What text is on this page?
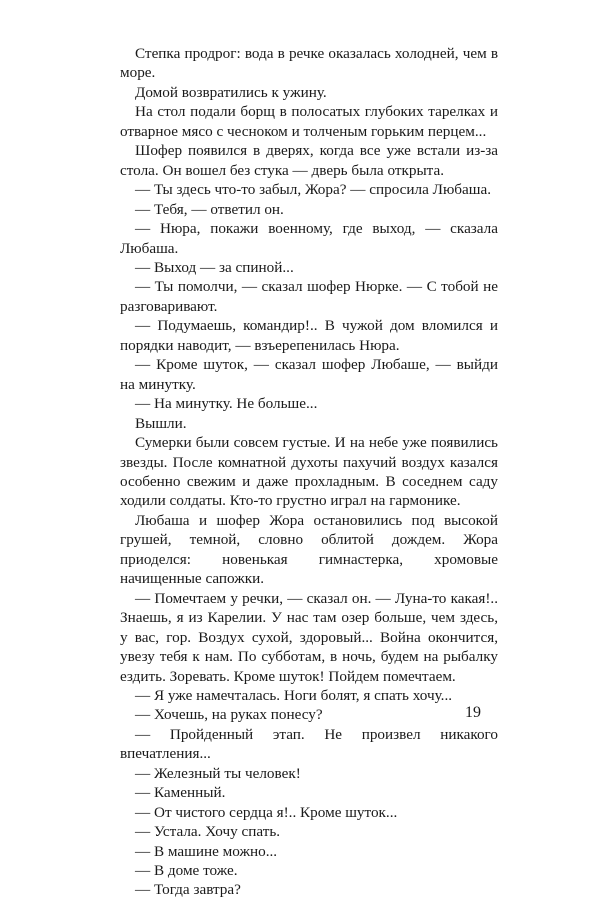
Степка продрог: вода в речке оказалась холодней, чем в море.

Домой возвратились к ужину.

На стол подали борщ в полосатых глубоких тарелках и отварное мясо с чесноком и толченым горьким перцем...

Шофер появился в дверях, когда все уже встали из-за стола. Он вошел без стука — дверь была открыта.

— Ты здесь что-то забыл, Жора? — спросила Любаша.

— Тебя, — ответил он.

— Нюра, покажи военному, где выход, — сказала Любаша.

— Выход — за спиной...

— Ты помолчи, — сказал шофер Нюрке. — С тобой не разговаривают.

— Подумаешь, командир!.. В чужой дом вломился и порядки наводит, — взъерепенилась Нюра.

— Кроме шуток, — сказал шофер Любаше, — выйди на минутку.

— На минутку. Не больше...

Вышли.

Сумерки были совсем густые. И на небе уже появились звезды. После комнатной духоты пахучий воздух казался особенно свежим и даже прохладным. В соседнем саду ходили солдаты. Кто-то грустно играл на гармонике.

Любаша и шофер Жора остановились под высокой грушей, темной, словно облитой дождем. Жора приоделся: новенькая гимнастерка, хромовые начищенные сапожки.

— Помечтаем у речки, — сказал он. — Луна-то какая!.. Знаешь, я из Карелии. У нас там озер больше, чем здесь, у вас, гор. Воздух сухой, здоровый... Война окончится, увезу тебя к нам. По субботам, в ночь, будем на рыбалку ездить. Зоревать. Кроме шуток! Пойдем помечтаем.

— Я уже намечталась. Ноги болят, я спать хочу...

— Хочешь, на руках понесу?

— Пройденный этап. Не произвел никакого впечатления...

— Железный ты человек!

— Каменный.

— От чистого сердца я!.. Кроме шуток...

— Устала. Хочу спать.

— В машине можно...

— В доме тоже.

— Тогда завтра?

19
